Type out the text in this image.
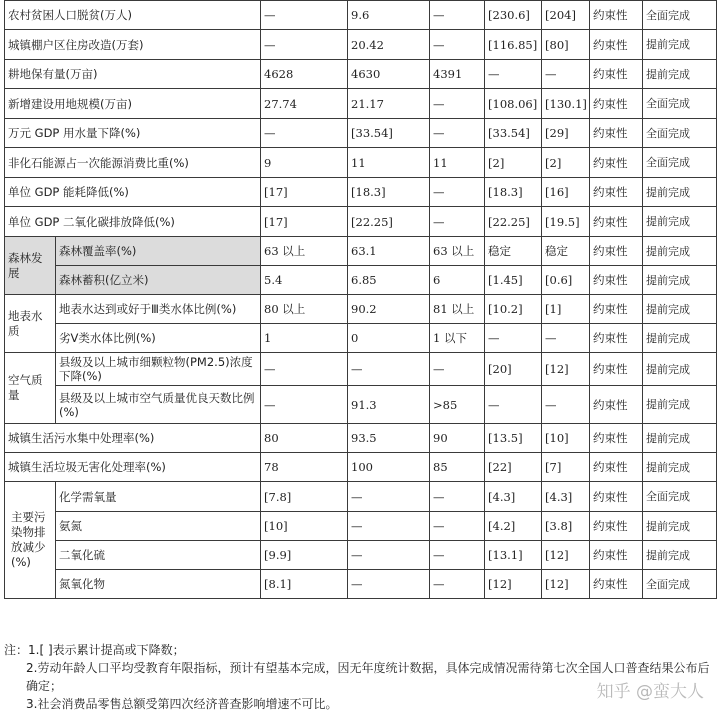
农村贫困人口脱贫(万人)		—	9.6	—	[230.6]	[204]	约束性	全面完成
城镇棚户区住房改造(万套)		—	20.42	—	[116.85]	[80]	约束性	提前完成
耕地保有量(万亩)		4628	4630	4391	—	—	约束性	提前完成
新增建设用地规模(万亩)		27.74	21.17	—	[108.06]	[130.1]	约束性	全面完成
万元 GDP 用水量下降(%)		—	[33.54]	—	[33.54]	[29]	约束性	全面完成
非化石能源占一次能源消费比重(%)		9	11	11	[2]	[2]	约束性	全面完成
单位 GDP 能耗降低(%)		[17]	[18.3]	—	[18.3]	[16]	约束性	提前完成
单位 GDP 二氧化碳排放降低(%)		[17]	[22.25]	—	[22.25]	[19.5]	约束性	提前完成
森林发展	森林覆盖率(%)	63 以上	63.1	63 以上	稳定	稳定	约束性	提前完成
	森林蓄积(亿立米)	5.4	6.85	6	[1.45]	[0.6]	约束性	提前完成
地表水质	地表水达到或好于Ⅲ类水体比例(%)	80 以上	90.2	81 以上	[10.2]	[1]	约束性	提前完成
	劣Ⅴ类水体比例(%)	1	0	1 以下	—	—	约束性	提前完成
空气质量	县级及以上城市细颗粒物(PM2.5)浓度下降(%)	—	—	—	[20]	[12]	约束性	提前完成
	县级及以上城市空气质量优良天数比例(%)	—	91.3	>85	—	—	约束性	提前完成
城镇生活污水集中处理率(%)		80	93.5	90	[13.5]	[10]	约束性	提前完成
城镇生活垃圾无害化处理率(%)		78	100	85	[22]	[7]	约束性	提前完成
主要污染物排放减少(%)	化学需氧量	[7.8]	—	—	[4.3]	[4.3]	约束性	全面完成
	氨氮	[10]	—	—	[4.2]	[3.8]	约束性	提前完成
	二氧化硫	[9.9]	—	—	[13.1]	[12]	约束性	提前完成
	氮氧化物	[8.1]	—	—	[12]	[12]	约束性	全面完成
注：1.[ ]表示累计提高或下降数；
2.劳动年龄人口平均受教育年限指标，预计有望基本完成，因无年度统计数据，具体完成情况需待第七次全国人口普查结果公布后确定；
3.社会消费品零售总额受第四次经济普查影响增速不可比。
知乎 @蛮大人
